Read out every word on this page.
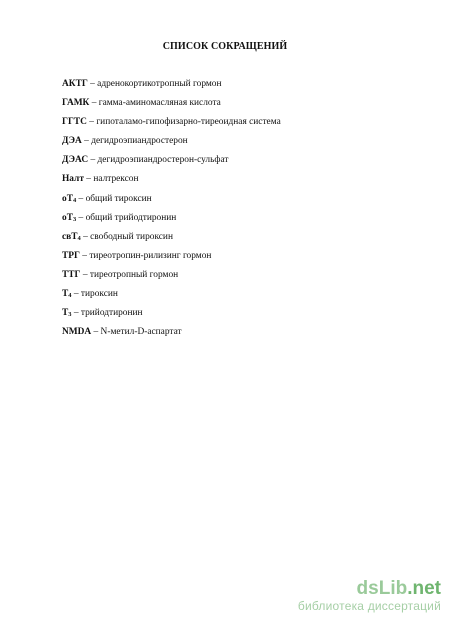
СПИСОК СОКРАЩЕНИЙ
АКТГ – адренокортикотропный гормон
ГАМК – гамма-аминомасляная кислота
ГГТС – гипоталамо-гипофизарно-тиреоидная система
ДЭА – дегидроэпиандростерон
ДЭАС – дегидроэпиандростерон-сульфат
Налт – налтрексон
$оТ_4$ – общий тироксин
$оТ_3$ – общий трийодтиронин
свТ$_4$ – свободный тироксин
ТРГ – тиреотропин-рилизинг гормон
ТТГ – тиреотропный гормон
$Т_4$ – тироксин
$Т_3$ – трийодтиронин
NMDA – N-метил-D-аспартат
dsLib.net
библиотека диссертаций
